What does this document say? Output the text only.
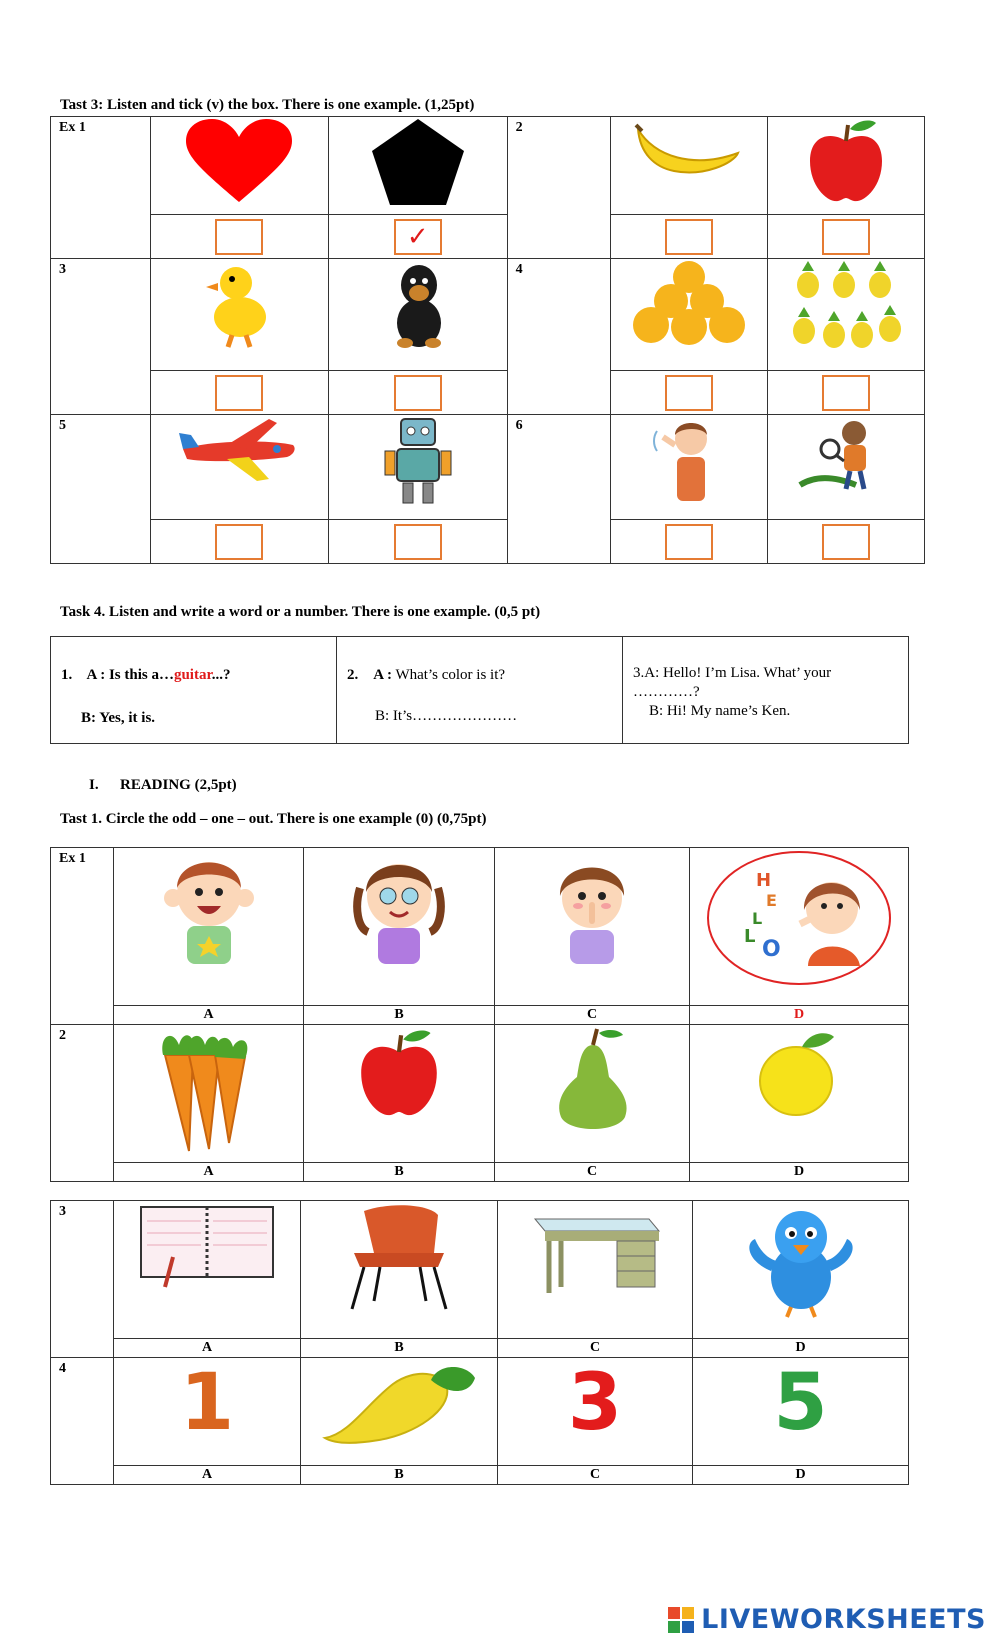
Tast 3: Listen and tick (v) the box. There is one example. (1,25pt)
Ex 1			2

		✓			

3			4

5			6

Task 4. Listen and write a word or a number. There is one example. (0,5 pt)
1. A : Is this a…guitar...?
B: Yes, it is.

2. A : What’s color is it?
B: It’s…………………

3.A: Hello! I’m Lisa. What’ your
…………?
B: Hi! My name’s Ken.
I. READING (2,5pt)
Tast 1. Circle the odd – one – out. There is one example (0) (0,75pt)
Ex 1				H
E
L
L
O

	A	B	C	D

2

	A	B	C	D
3

	A	B	C	D

4	1		3	5

	A	B	C	D
LIVEWORKSHEETS
